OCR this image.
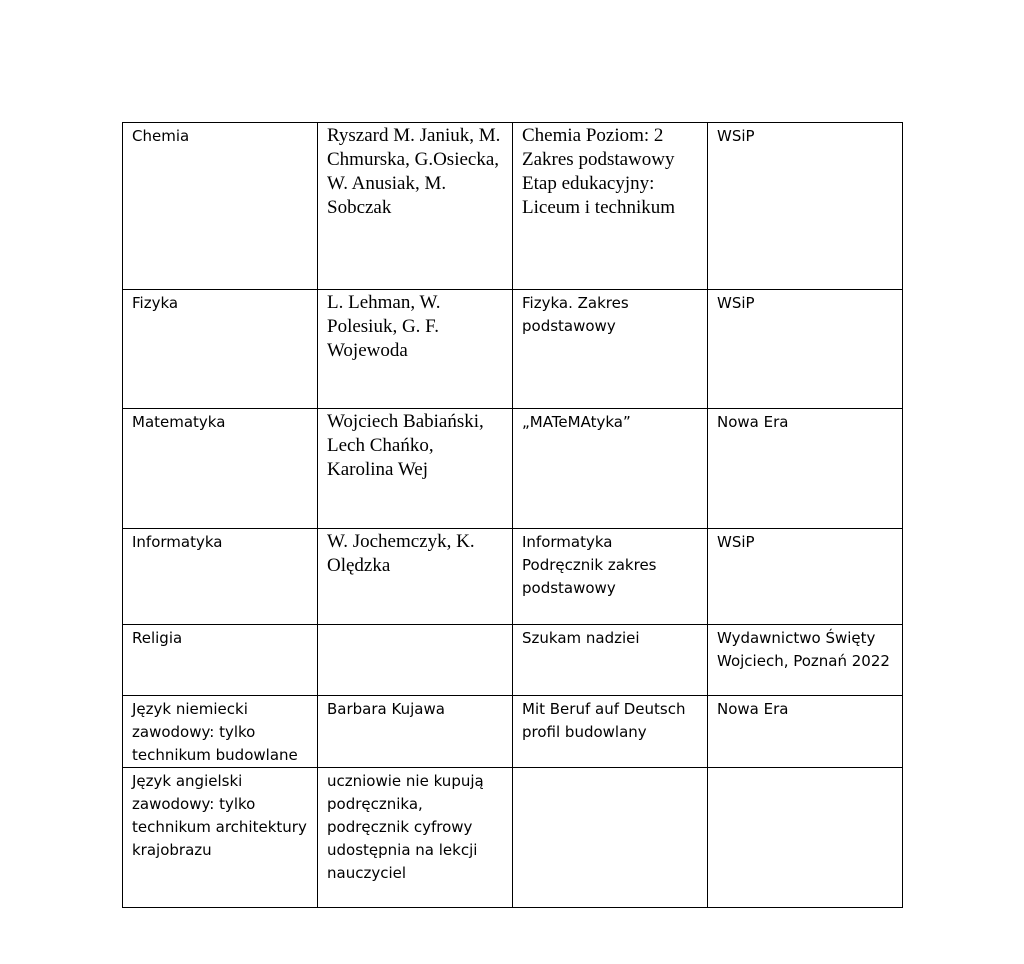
Chemia	Ryszard M. Janiuk, M. Chmurska, G.Osiecka, W. Anusiak, M. Sobczak	Chemia Poziom: 2 Zakres podstawowy Etap edukacyjny: Liceum i technikum	WSiP

Fizyka	L. Lehman, W. Polesiuk, G. F. Wojewoda	Fizyka. Zakres podstawowy	WSiP

Matematyka	Wojciech Babiański, Lech Chańko, Karolina Wej	„MATeMAtyka”	Nowa Era

Informatyka	W. Jochemczyk, K. Olędzka	Informatyka Podręcznik zakres podstawowy	WSiP

Religia		Szukam nadziei	Wydawnictwo Święty Wojciech, Poznań 2022

Język niemiecki zawodowy: tylko technikum budowlane	Barbara Kujawa	Mit Beruf auf Deutsch profil budowlany	Nowa Era

Język angielski zawodowy: tylko technikum architektury krajobrazu	uczniowie nie kupują podręcznika, podręcznik cyfrowy udostępnia na lekcji nauczyciel		
